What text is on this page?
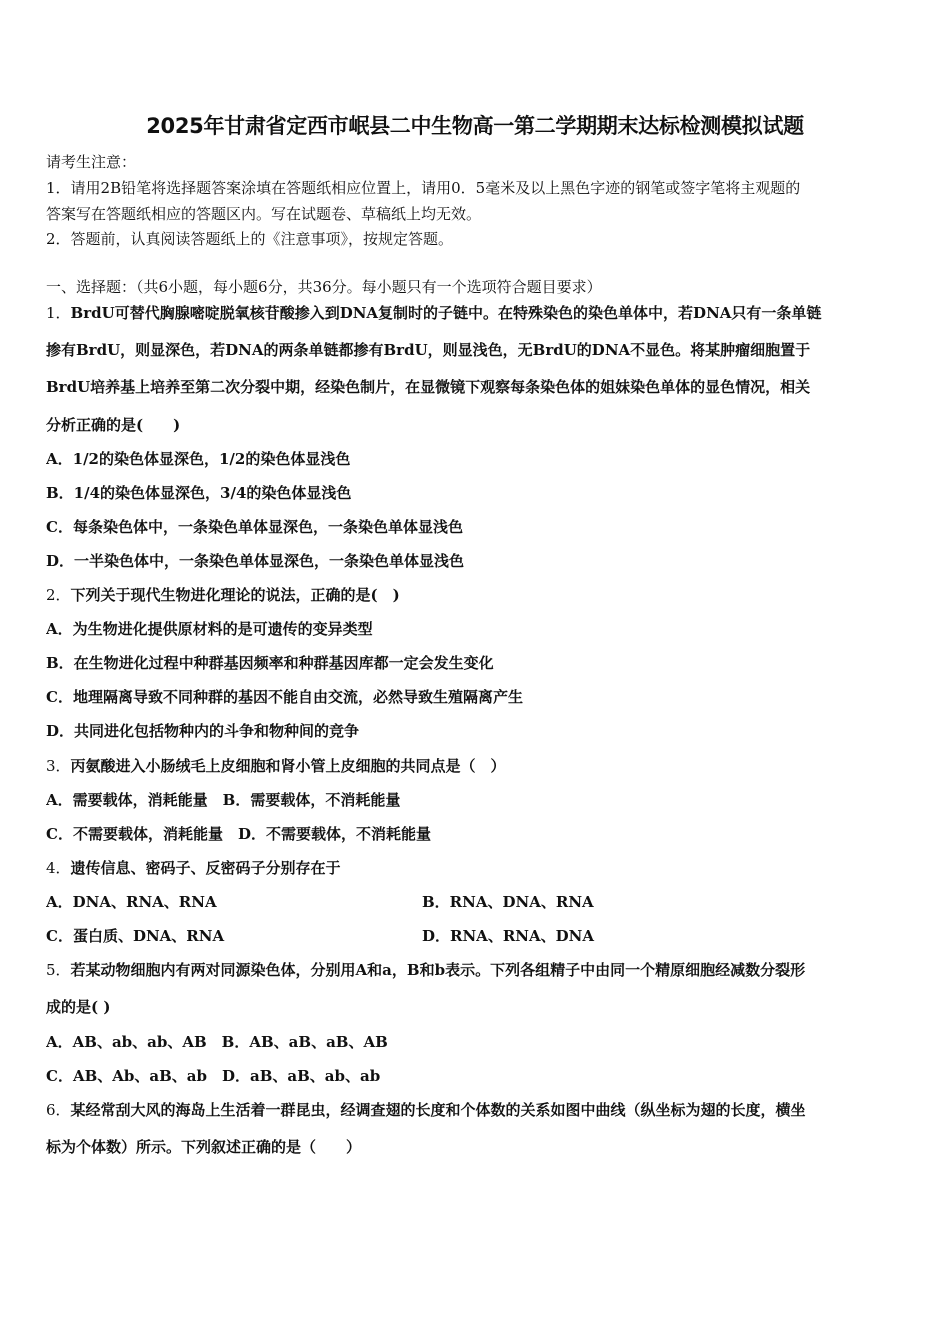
2025年甘肃省定西市岷县二中生物高一第二学期期末达标检测模拟试题
请考生注意：
1．请用2B铅笔将选择题答案涂填在答题纸相应位置上，请用0．5毫米及以上黑色字迹的钢笔或签字笔将主观题的
答案写在答题纸相应的答题区内。写在试题卷、草稿纸上均无效。
2．答题前，认真阅读答题纸上的《注意事项》，按规定答题。
一、选择题：（共6小题，每小题6分，共36分。每小题只有一个选项符合题目要求）
1．BrdU可替代胸腺嘧啶脱氧核苷酸掺入到DNA复制时的子链中。在特殊染色的染色单体中，若DNA只有一条单链
掺有BrdU，则显深色，若DNA的两条单链都掺有BrdU，则显浅色，无BrdU的DNA不显色。将某肿瘤细胞置于
BrdU培养基上培养至第二次分裂中期，经染色制片，在显微镜下观察每条染色体的姐妹染色单体的显色情况，相关
分析正确的是(　　)
A．1/2的染色体显深色，1/2的染色体显浅色
B．1/4的染色体显深色，3/4的染色体显浅色
C．每条染色体中，一条染色单体显深色，一条染色单体显浅色
D．一半染色体中，一条染色单体显深色，一条染色单体显浅色
2．下列关于现代生物进化理论的说法，正确的是(　)
A．为生物进化提供原材料的是可遗传的变异类型
B．在生物进化过程中种群基因频率和种群基因库都一定会发生变化
C．地理隔离导致不同种群的基因不能自由交流，必然导致生殖隔离产生
D．共同进化包括物种内的斗争和物种间的竞争
3．丙氨酸进入小肠绒毛上皮细胞和肾小管上皮细胞的共同点是（　）
A．需要载体，消耗能量　B．需要载体，不消耗能量
C．不需要载体，消耗能量　D．不需要载体，不消耗能量
4．遗传信息、密码子、反密码子分别存在于
A．DNA、RNA、RNA	B．RNA、DNA、RNA
C．蛋白质、DNA、RNA	D．RNA、RNA、DNA
5．若某动物细胞内有两对同源染色体，分别用A和a，B和b表示。下列各组精子中由同一个精原细胞经减数分裂形
成的是( )
A．AB、ab、ab、AB　B．AB、aB、aB、AB
C．AB、Ab、aB、ab　D．aB、aB、ab、ab
6．某经常刮大风的海岛上生活着一群昆虫，经调查翅的长度和个体数的关系如图中曲线（纵坐标为翅的长度，横坐
标为个体数）所示。下列叙述正确的是（　　）
